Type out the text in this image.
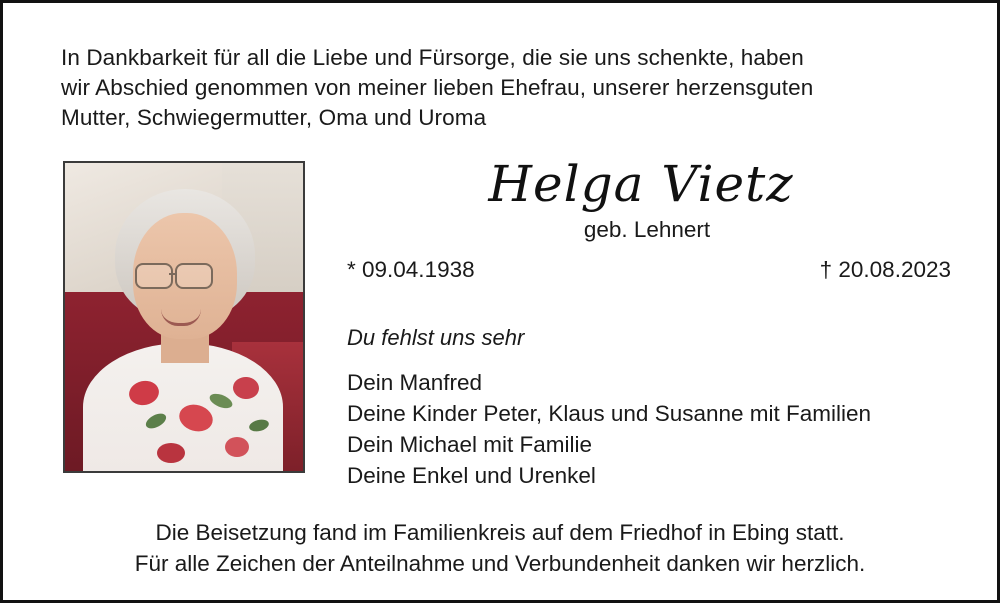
In Dankbarkeit für all die Liebe und Fürsorge, die sie uns schenkte, haben
wir Abschied genommen von meiner lieben Ehefrau, unserer herzensguten
Mutter, Schwiegermutter, Oma und Uroma
Helga Vietz
geb. Lehnert
* 09.04.1938	† 20.08.2023
Du fehlst uns sehr
Dein Manfred
Deine Kinder Peter, Klaus und Susanne mit Familien
Dein Michael mit Familie
Deine Enkel und Urenkel
Die Beisetzung fand im Familienkreis auf dem Friedhof in Ebing statt.
Für alle Zeichen der Anteilnahme und Verbundenheit danken wir herzlich.
